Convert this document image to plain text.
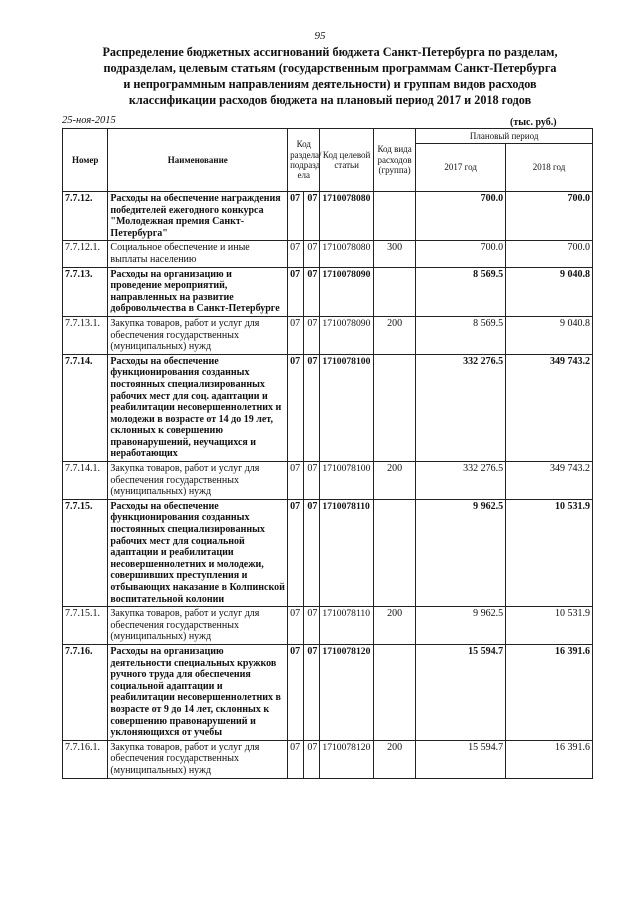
95
Распределение бюджетных ассигнований бюджета Санкт-Петербурга по разделам,
подразделам, целевым статьям (государственным программам Санкт-Петербурга
и непрограммным направлениям деятельности) и группам видов расходов
классификации расходов бюджета на плановый период 2017 и 2018 годов
25-ноя-2015	(тыс. руб.)
Номер	Наименование	Код раздела/ подразд ела		Код целевой статьи	Код вида расходов (группа)	Плановый период	
						2017 год	2018 год
7.7.12.	Расходы на обеспечение награждения победителей ежегодного конкурса "Молодежная премия Санкт-Петербурга"	07	07	1710078080		700.0	700.0
7.7.12.1.	Социальное обеспечение и иные выплаты населению	07	07	1710078080	300	700.0	700.0
7.7.13.	Расходы на организацию и проведение мероприятий, направленных на развитие добровольчества в Санкт-Петербурге	07	07	1710078090		8 569.5	9 040.8
7.7.13.1.	Закупка товаров, работ и услуг для обеспечения государственных (муниципальных) нужд	07	07	1710078090	200	8 569.5	9 040.8
7.7.14.	Расходы на обеспечение функционирования созданных постоянных специализированных рабочих мест для соц. адаптации и реабилитации несовершеннолетних и молодежи в возрасте от 14 до 19 лет, склонных к совершению правонарушений, неучащихся и неработающих	07	07	1710078100		332 276.5	349 743.2
7.7.14.1.	Закупка товаров, работ и услуг для обеспечения государственных (муниципальных) нужд	07	07	1710078100	200	332 276.5	349 743.2
7.7.15.	Расходы на обеспечение функционирования созданных постоянных специализированных рабочих мест для социальной адаптации и реабилитации несовершеннолетних и молодежи, совершивших преступления и отбывающих наказание в Колпинской воспитательной колонии	07	07	1710078110		9 962.5	10 531.9
7.7.15.1.	Закупка товаров, работ и услуг для обеспечения государственных (муниципальных) нужд	07	07	1710078110	200	9 962.5	10 531.9
7.7.16.	Расходы на организацию деятельности специальных кружков ручного труда для обеспечения социальной адаптации и реабилитации несовершеннолетних в возрасте от 9 до 14 лет, склонных к совершению правонарушений и уклоняющихся от учебы	07	07	1710078120		15 594.7	16 391.6
7.7.16.1.	Закупка товаров, работ и услуг для обеспечения государственных (муниципальных) нужд	07	07	1710078120	200	15 594.7	16 391.6
